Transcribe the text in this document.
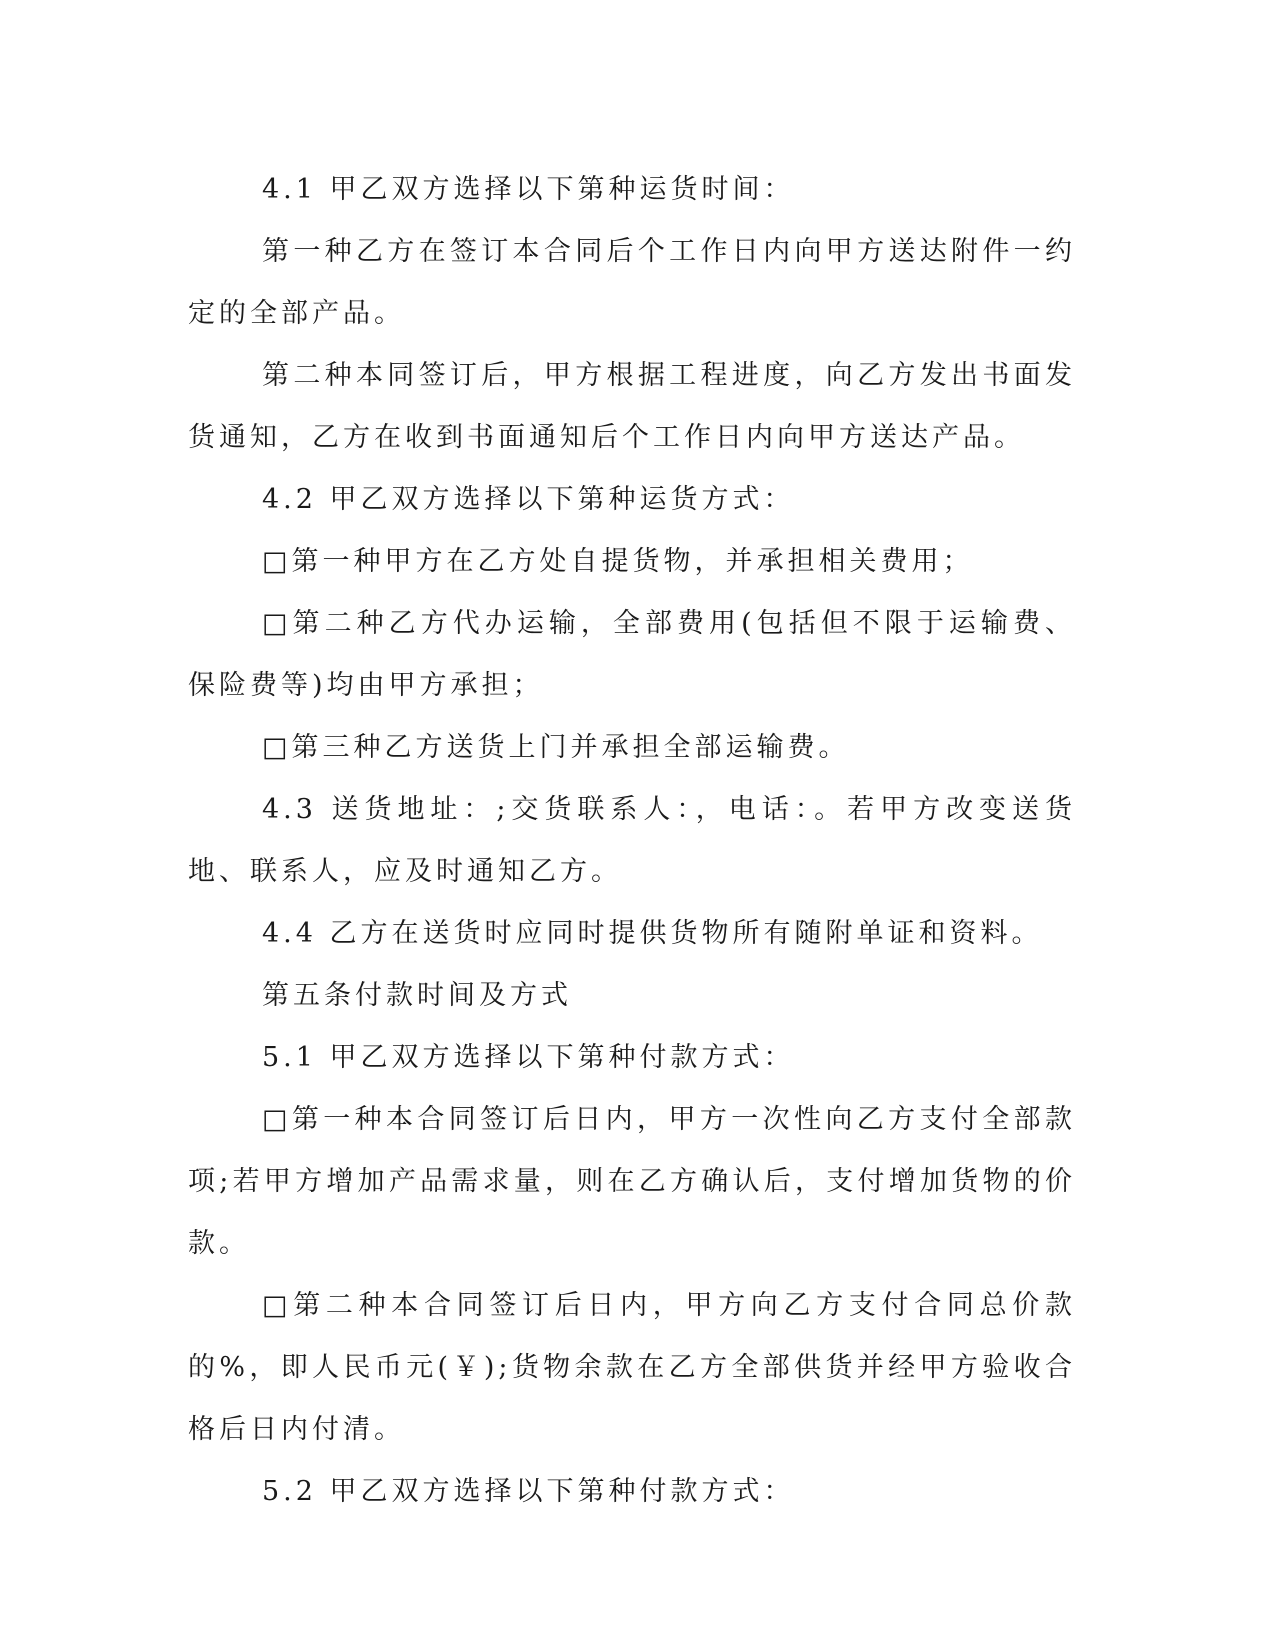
4.1 甲乙双方选择以下第种运货时间：

第一种乙方在签订本合同后个工作日内向甲方送达附件一约定的全部产品。

第二种本同签订后，甲方根据工程进度，向乙方发出书面发货通知，乙方在收到书面通知后个工作日内向甲方送达产品。

4.2 甲乙双方选择以下第种运货方式：

□第一种甲方在乙方处自提货物，并承担相关费用；

□第二种乙方代办运输，全部费用(包括但不限于运输费、保险费等)均由甲方承担；

□第三种乙方送货上门并承担全部运输费。

4.3 送货地址：;交货联系人：，电话：。若甲方改变送货地、联系人，应及时通知乙方。

4.4 乙方在送货时应同时提供货物所有随附单证和资料。

第五条付款时间及方式

5.1 甲乙双方选择以下第种付款方式：

□第一种本合同签订后日内，甲方一次性向乙方支付全部款项;若甲方增加产品需求量，则在乙方确认后，支付增加货物的价款。

□第二种本合同签订后日内，甲方向乙方支付合同总价款的%，即人民币元(￥);货物余款在乙方全部供货并经甲方验收合格后日内付清。

5.2 甲乙双方选择以下第种付款方式：
